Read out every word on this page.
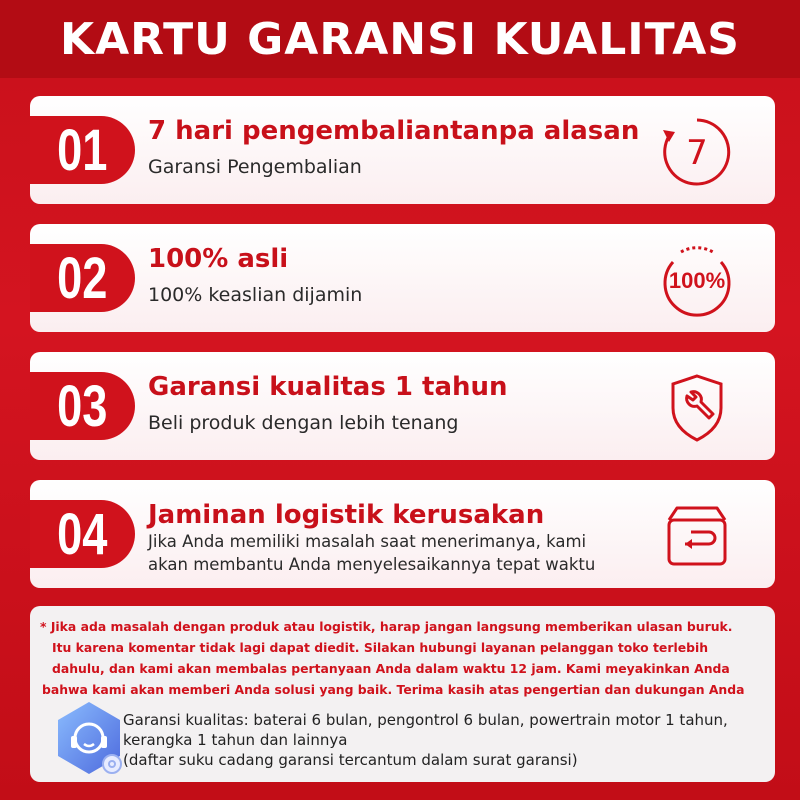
KARTU GARANSI KUALITAS
01 7 hari pengembaliantanpa alasan
Garansi Pengembalian	7
02 100% asli
100% keaslian dijamin
100%
03 Garansi kualitas 1 tahun
Beli produk dengan lebih tenang
04 Jaminan logistik kerusakan
Jika Anda memiliki masalah saat menerimanya, kami
akan membantu Anda menyelesaikannya tepat waktu
* Jika ada masalah dengan produk atau logistik, harap jangan langsung memberikan ulasan buruk.
Itu karena komentar tidak lagi dapat diedit. Silakan hubungi layanan pelanggan toko terlebih
dahulu, dan kami akan membalas pertanyaan Anda dalam waktu 12 jam. Kami meyakinkan Anda
bahwa kami akan memberi Anda solusi yang baik. Terima kasih atas pengertian dan dukungan Anda
Garansi kualitas: baterai 6 bulan, pengontrol 6 bulan, powertrain motor 1 tahun,
kerangka 1 tahun dan lainnya
(daftar suku cadang garansi tercantum dalam surat garansi)
